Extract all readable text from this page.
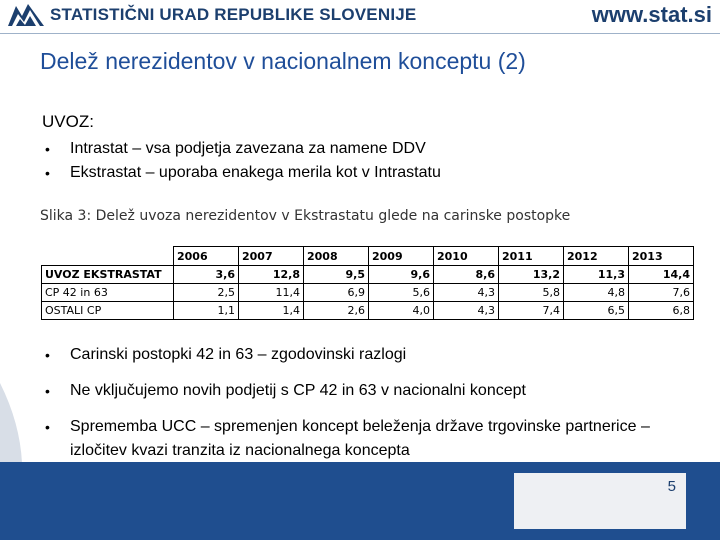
STATISTIČNI URAD REPUBLIKE SLOVENIJE	www.stat.si
Delež nerezidentov v nacionalnem konceptu (2)
UVOZ:
• Intrastat – vsa podjetja zavezana za namene DDV
• Ekstrastat – uporaba enakega merila kot v Intrastatu
Slika 3: Delež uvoza nerezidentov v Ekstrastatu glede na carinske postopke
	2006	2007	2008	2009	2010	2011	2012	2013
UVOZ EKSTRASTAT	3,6	12,8	9,5	9,6	8,6	13,2	11,3	14,4
CP 42 in 63	2,5	11,4	6,9	5,6	4,3	5,8	4,8	7,6
OSTALI CP	1,1	1,4	2,6	4,0	4,3	7,4	6,5	6,8
• Carinski postopki 42 in 63 – zgodovinski razlogi
• Ne vključujemo novih podjetij s CP 42 in 63 v nacionalni koncept
• Sprememba UCC – spremenjen koncept beleženja države trgovinske partnerice – izločitev kvazi tranzita iz nacionalnega koncepta
5
